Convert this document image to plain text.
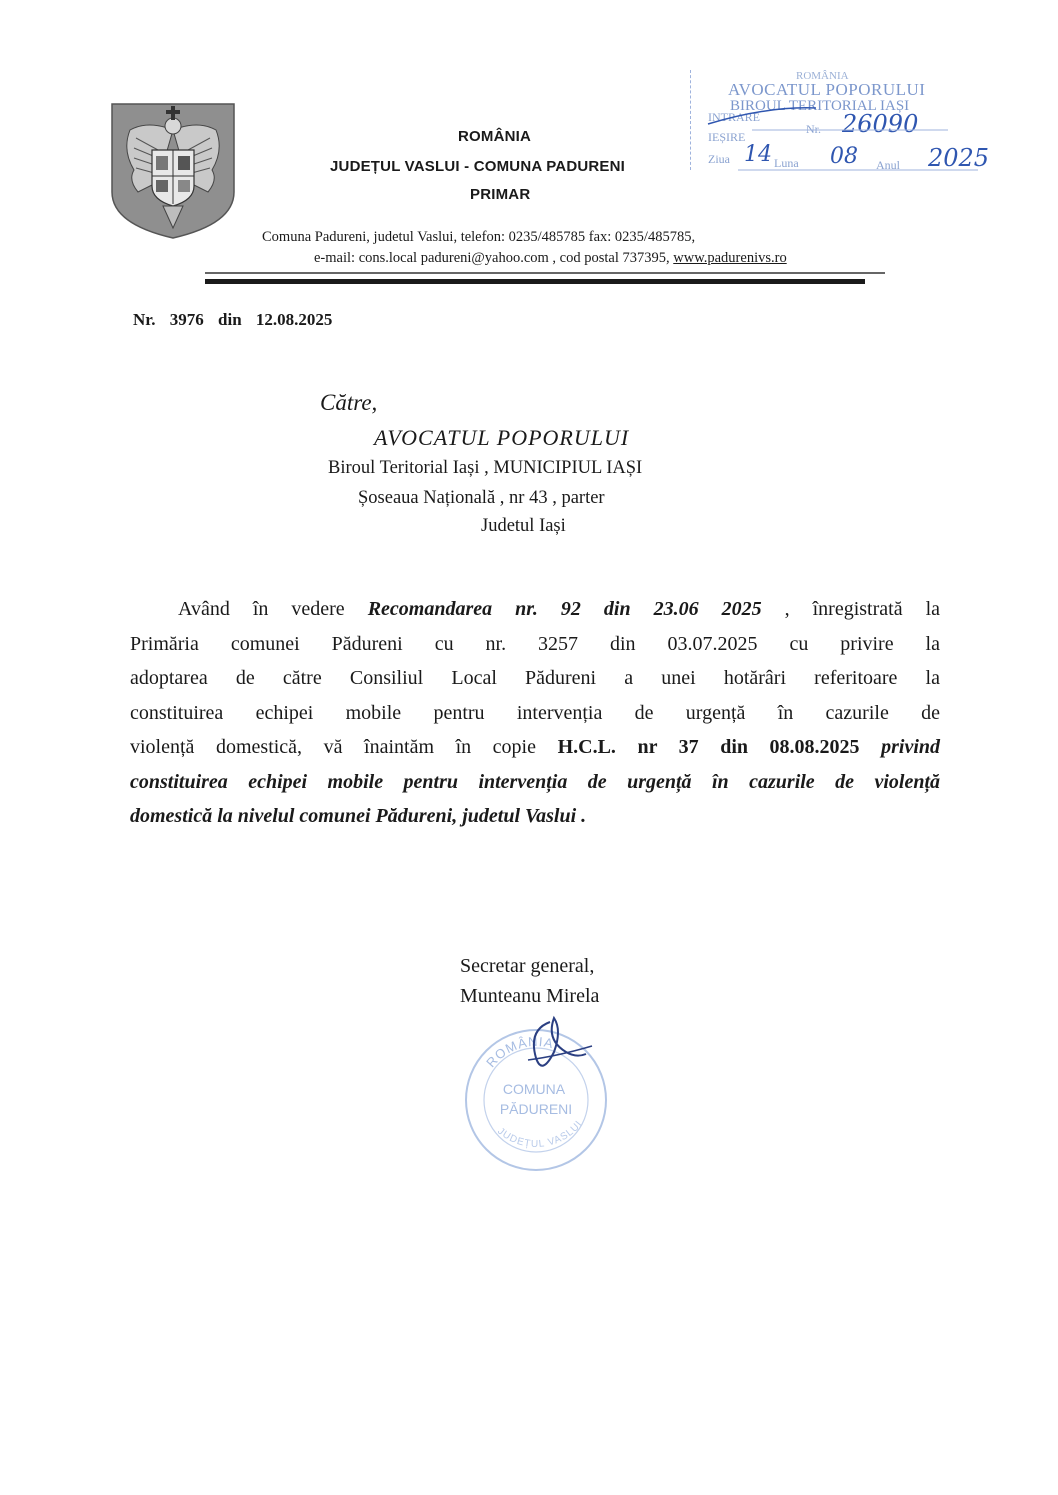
ROMÂNIA
JUDEȚUL VASLUI - COMUNA PADURENI
PRIMAR
Comuna Padureni, judetul Vaslui, telefon: 0235/485785 fax: 0235/485785,
e-mail: cons.local padureni@yahoo.com , cod postal 737395, www.padurenivs.ro
ROMÂNIA
AVOCATUL POPORULUI
BIROUL TERITORIAL IAȘI
INTRARE
IEȘIRE
Nr. 26090
Ziua 14 Luna 08 Anul 2025
Nr. 3976 din 12.08.2025
Către,
AVOCATUL POPORULUI
Biroul Teritorial Iași , MUNICIPIUL IAȘI
Șoseaua Națională , nr 43 , parter
Judetul Iași
Având în vedere Recomandarea nr. 92 din 23.06 2025 , înregistrată la
Primăria comunei Pădureni cu nr. 3257 din 03.07.2025 cu privire la
adoptarea de către Consiliul Local Pădureni a unei hotărâri referitoare la
constituirea echipei mobile pentru intervenția de urgență în cazurile de
violență domestică, vă înaintăm în copie H.C.L. nr 37 din 08.08.2025 privind
constituirea echipei mobile pentru intervenția de urgență în cazurile de violență
domestică la nivelul comunei Pădureni, judetul Vaslui .
Secretar general,
Munteanu Mirela
ROMÂNIA
JUDEȚUL VASLUI
COMUNA
PĂDURENI
